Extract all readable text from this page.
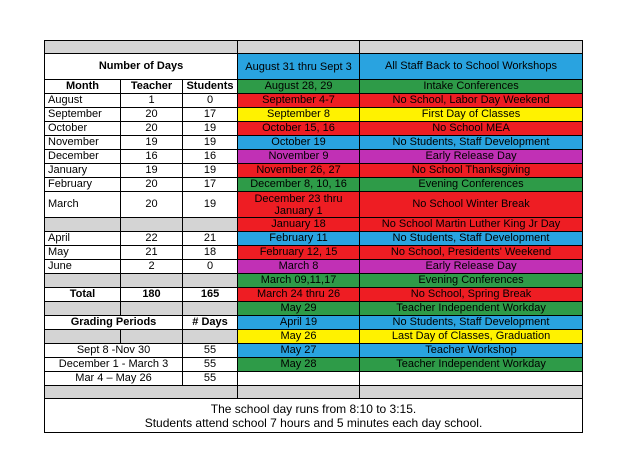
Number of Days			August 31 thru Sept 3	All Staff Back to School Workshops
Month	Teacher	Students	August 28, 29	Intake Conferences
August	1	0	September 4-7	No School, Labor Day Weekend
September	20	17	September 8	First Day of Classes
October	20	19	October 15, 16	No School MEA
November	19	19	October 19	No Students, Staff Development
December	16	16	November 9	Early Release Day
January	19	19	November 26, 27	No School Thanksgiving
February	20	17	December 8, 10, 16	Evening Conferences
March	20	19	December 23 thru January 1	No School Winter Break
			January 18	No School Martin Luther King Jr Day
April	22	21	February 11	No Students, Staff Development
May	21	18	February 12, 15	No School, Presidents' Weekend
June	2	0	March 8	Early Release Day
			March 09,11,17	Evening Conferences
Total	180	165	March 24 thru 26	No School, Spring Break
			May 29	Teacher Independent Workday
Grading Periods		# Days	April 19	No Students, Staff Development
			May 26	Last Day of Classes, Graduation
Sept 8 -Nov 30		55	May 27	Teacher Workshop
December 1 - March 3		55	May 28	Teacher Independent Workday
Mar 4 – May 26		55		

The school day runs from 8:10 to 3:15.
Students attend school 7 hours and 5 minutes each day school.				
